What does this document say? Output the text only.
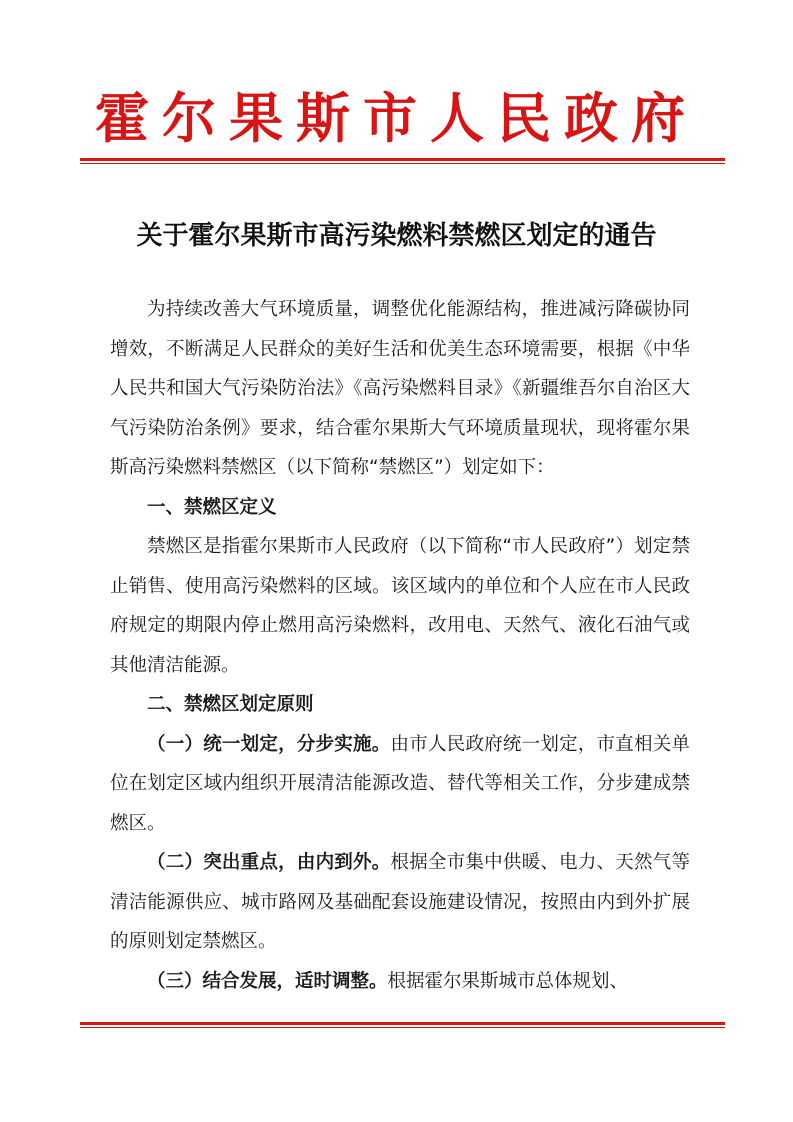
霍尔果斯市人民政府
关于霍尔果斯市高污染燃料禁燃区划定的通告

为持续改善大气环境质量，调整优化能源结构，推进减污降碳协同增效，不断满足人民群众的美好生活和优美生态环境需要，根据《中华人民共和国大气污染防治法》《高污染燃料目录》《新疆维吾尔自治区大气污染防治条例》要求，结合霍尔果斯大气环境质量现状，现将霍尔果斯高污染燃料禁燃区（以下简称“禁燃区”）划定如下：

一、禁燃区定义

禁燃区是指霍尔果斯市人民政府（以下简称“市人民政府”）划定禁止销售、使用高污染燃料的区域。该区域内的单位和个人应在市人民政府规定的期限内停止燃用高污染燃料，改用电、天然气、液化石油气或其他清洁能源。

二、禁燃区划定原则

（一）统一划定，分步实施。由市人民政府统一划定，市直相关单位在划定区域内组织开展清洁能源改造、替代等相关工作，分步建成禁燃区。

（二）突出重点，由内到外。根据全市集中供暖、电力、天然气等清洁能源供应、城市路网及基础配套设施建设情况，按照由内到外扩展的原则划定禁燃区。

（三）结合发展，适时调整。根据霍尔果斯城市总体规划、
